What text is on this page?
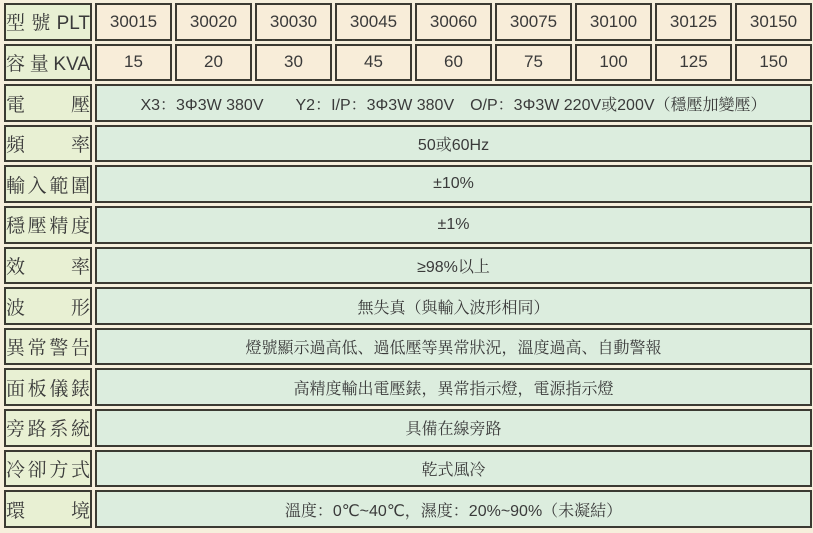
型號PLT	30015	30020	30030	30045	30060	30075	30100	30125	30150
容量KVA	15	20	30	45	60	75	100	125	150
電壓	X3：3Φ3W 380V　　Y2：I/P：3Φ3W 380V　O/P：3Φ3W 220V或200V（穩壓加變壓）								
頻率	50或60Hz								
輸入範圍	±10%								
穩壓精度	±1%								
效率	≥98%以上								
波形	無失真（與輸入波形相同）								
異常警告	燈號顯示過高低、過低壓等異常狀況，溫度過高、自動警報								
面板儀錶	高精度輸出電壓錶，異常指示燈，電源指示燈								
旁路系統	具備在線旁路								
冷卻方式	乾式風冷								
環境	溫度：0℃~40℃，濕度：20%~90%（未凝結）								
